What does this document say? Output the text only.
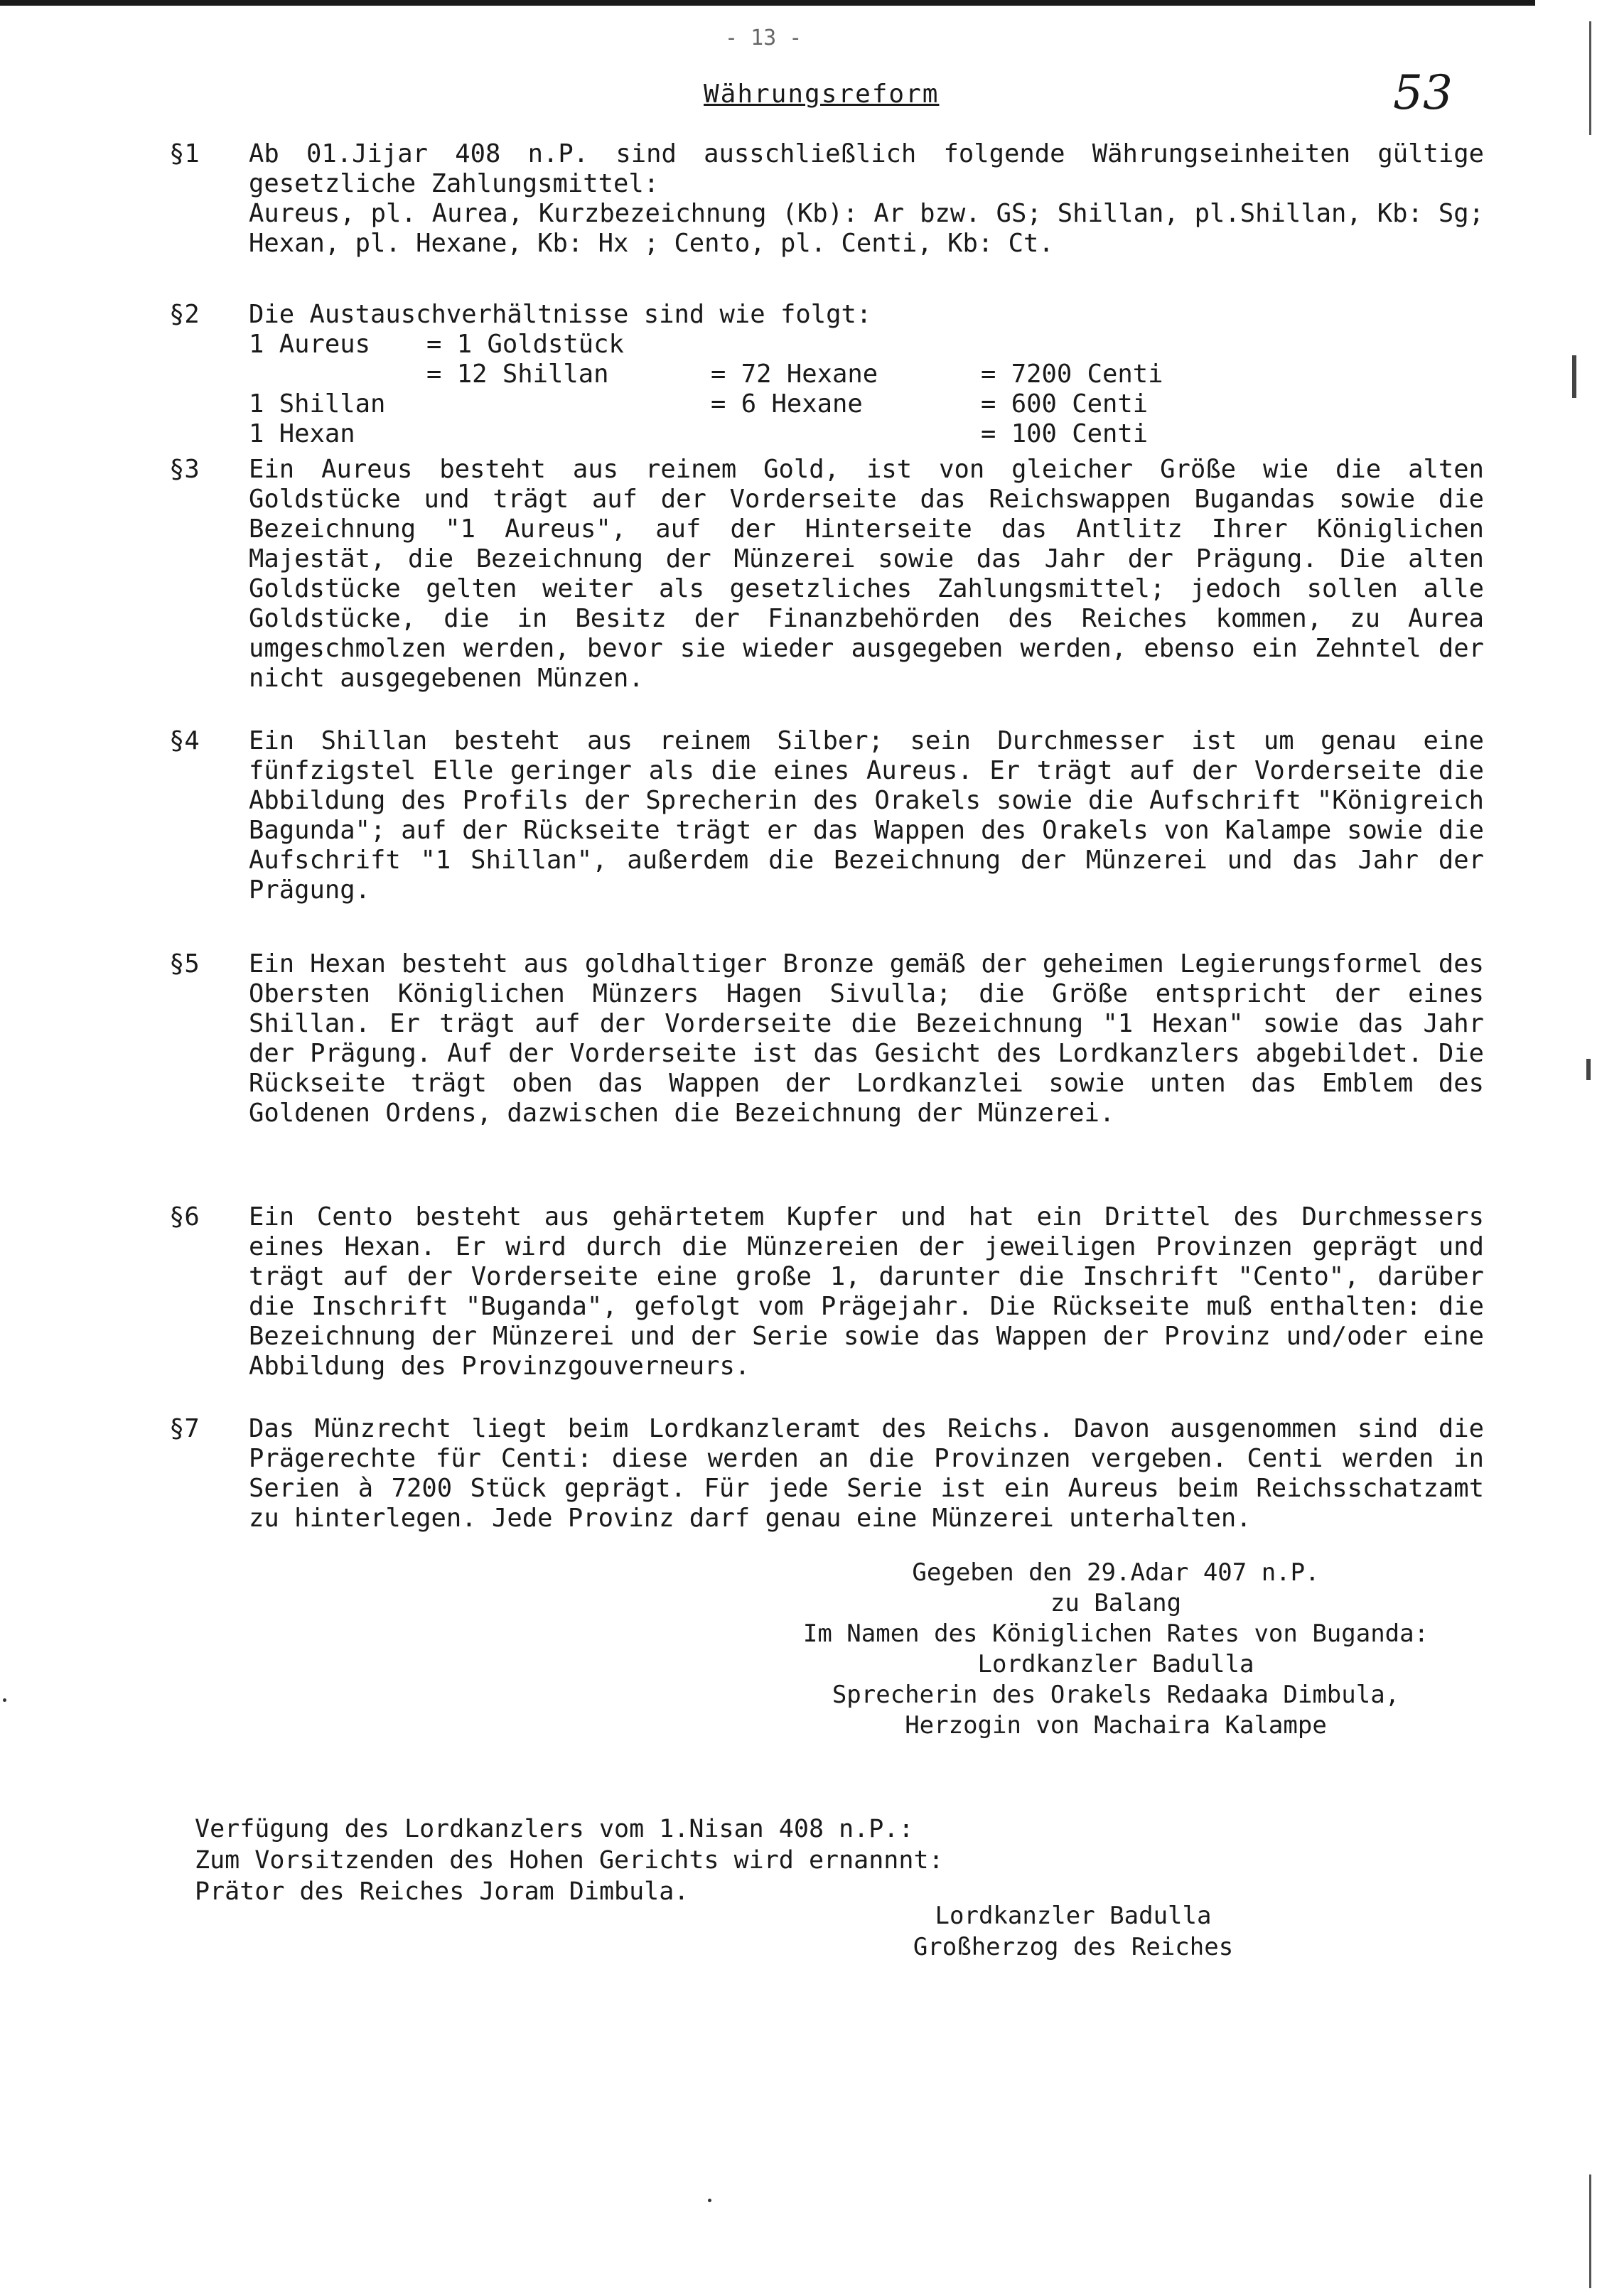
- 13 -
Währungsreform	53
§1	Ab 01.Jijar 408 n.P. sind ausschließlich folgende Währungseinheiten gültige gesetzliche Zahlungsmittel:
Aureus, pl. Aurea, Kurzbezeichnung (Kb): Ar bzw. GS; Shillan, pl.Shillan, Kb: Sg; Hexan, pl. Hexane, Kb: Hx ; Cento, pl. Centi, Kb: Ct.
§2	Die Austauschverhältnisse sind wie folgt:
1 Aureus	= 1 Goldstück		
	= 12 Shillan	= 72 Hexane	= 7200 Centi
1 Shillan		= 6 Hexane	= 600 Centi
1 Hexan			= 100 Centi
§3	Ein Aureus besteht aus reinem Gold, ist von gleicher Größe wie die alten Goldstücke und trägt auf der Vorderseite das Reichswappen Bugandas sowie die Bezeichnung "1 Aureus", auf der Hinterseite das Antlitz Ihrer Königlichen Majestät, die Bezeichnung der Münzerei sowie das Jahr der Prägung. Die alten Goldstücke gelten weiter als gesetzliches Zahlungsmittel; jedoch sollen alle Goldstücke, die in Besitz der Finanzbehörden des Reiches kommen, zu Aurea umgeschmolzen werden, bevor sie wieder ausgegeben werden, ebenso ein Zehntel der nicht ausgegebenen Münzen.
§4	Ein Shillan besteht aus reinem Silber; sein Durchmesser ist um genau eine fünfzigstel Elle geringer als die eines Aureus. Er trägt auf der Vorderseite die Abbildung des Profils der Sprecherin des Orakels sowie die Aufschrift "Königreich Bagunda"; auf der Rückseite trägt er das Wappen des Orakels von Kalampe sowie die Aufschrift "1 Shillan", außerdem die Bezeichnung der Münzerei und das Jahr der Prägung.
§5	Ein Hexan besteht aus goldhaltiger Bronze gemäß der geheimen Legierungsformel des Obersten Königlichen Münzers Hagen Sivulla; die Größe entspricht der eines Shillan. Er trägt auf der Vorderseite die Bezeichnung "1 Hexan" sowie das Jahr der Prägung. Auf der Vorderseite ist das Gesicht des Lordkanzlers abgebildet. Die Rückseite trägt oben das Wappen der Lordkanzlei sowie unten das Emblem des Goldenen Ordens, dazwischen die Bezeichnung der Münzerei.
§6	Ein Cento besteht aus gehärtetem Kupfer und hat ein Drittel des Durchmessers eines Hexan. Er wird durch die Münzereien der jeweiligen Provinzen geprägt und trägt auf der Vorderseite eine große 1, darunter die Inschrift "Cento", darüber die Inschrift "Buganda", gefolgt vom Prägejahr. Die Rückseite muß enthalten: die Bezeichnung der Münzerei und der Serie sowie das Wappen der Provinz und/oder eine Abbildung des Provinzgouverneurs.
§7	Das Münzrecht liegt beim Lordkanzleramt des Reichs. Davon ausgenommen sind die Prägerechte für Centi: diese werden an die Provinzen vergeben. Centi werden in Serien à 7200 Stück geprägt. Für jede Serie ist ein Aureus beim Reichsschatzamt zu hinterlegen. Jede Provinz darf genau eine Münzerei unterhalten.
Gegeben den 29.Adar 407 n.P.
zu Balang
Im Namen des Königlichen Rates von Buganda:
Lordkanzler Badulla
Sprecherin des Orakels Redaaka Dimbula,
Herzogin von Machaira Kalampe
Verfügung des Lordkanzlers vom 1.Nisan 408 n.P.:
Zum Vorsitzenden des Hohen Gerichts wird ernannnt:
Prätor des Reiches Joram Dimbula.
Lordkanzler Badulla
Großherzog des Reiches
